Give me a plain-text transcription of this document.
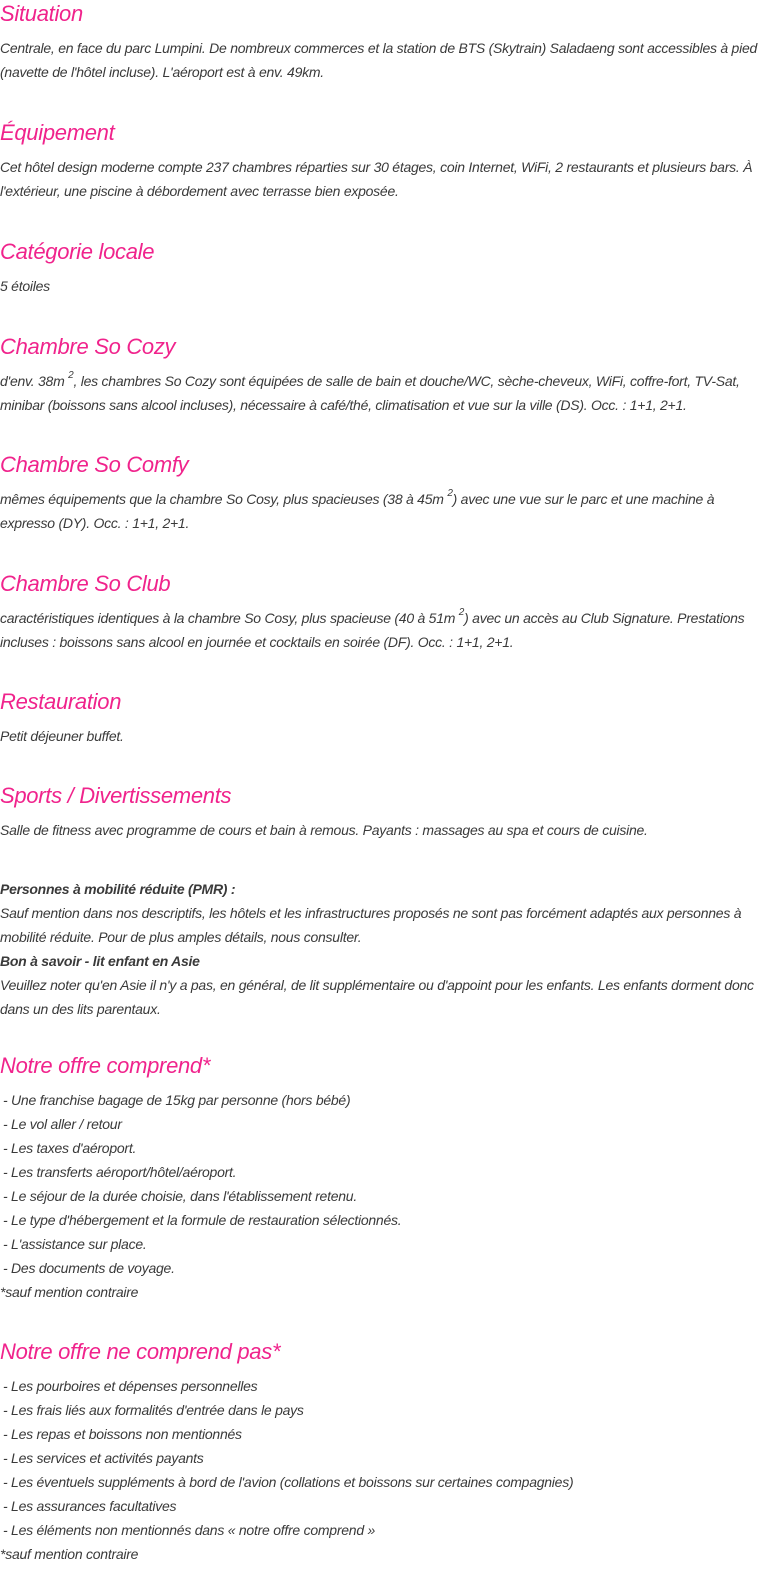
Situation

Centrale, en face du parc Lumpini. De nombreux commerces et la station de BTS (Skytrain) Saladaeng sont accessibles à pied (navette de l'hôtel incluse). L'aéroport est à env. 49km.

Équipement

Cet hôtel design moderne compte 237 chambres réparties sur 30 étages, coin Internet, WiFi, 2 restaurants et plusieurs bars. À l'extérieur, une piscine à débordement avec terrasse bien exposée.

Catégorie locale

5 étoiles

Chambre So Cozy

d'env. 38m $^2$, les chambres So Cozy sont équipées de salle de bain et douche/WC, sèche-cheveux, WiFi, coffre-fort, TV-Sat, minibar (boissons sans alcool incluses), nécessaire à café/thé, climatisation et vue sur la ville (DS). Occ. : 1+1, 2+1.

Chambre So Comfy

mêmes équipements que la chambre So Cosy, plus spacieuses (38 à 45m $^2$) avec une vue sur le parc et une machine à expresso (DY). Occ. : 1+1, 2+1.

Chambre So Club

caractéristiques identiques à la chambre So Cosy, plus spacieuse (40 à 51m $^2$) avec un accès au Club Signature. Prestations incluses : boissons sans alcool en journée et cocktails en soirée (DF). Occ. : 1+1, 2+1.

Restauration

Petit déjeuner buffet.

Sports / Divertissements

Salle de fitness avec programme de cours et bain à remous. Payants : massages au spa et cours de cuisine.

Personnes à mobilité réduite (PMR) :
Sauf mention dans nos descriptifs, les hôtels et les infrastructures proposés ne sont pas forcément adaptés aux personnes à mobilité réduite. Pour de plus amples détails, nous consulter.
Bon à savoir - lit enfant en Asie
Veuillez noter qu'en Asie il n'y a pas, en général, de lit supplémentaire ou d'appoint pour les enfants. Les enfants dorment donc dans un des lits parentaux.
Notre offre comprend*
- Une franchise bagage de 15kg par personne (hors bébé)
- Le vol aller / retour
- Les taxes d'aéroport.
- Les transferts aéroport/hôtel/aéroport.
- Le séjour de la durée choisie, dans l'établissement retenu.
- Le type d'hébergement et la formule de restauration sélectionnés.
- L'assistance sur place.
- Des documents de voyage.
*sauf mention contraire
Notre offre ne comprend pas*
- Les pourboires et dépenses personnelles
- Les frais liés aux formalités d'entrée dans le pays
- Les repas et boissons non mentionnés
- Les services et activités payants
- Les éventuels suppléments à bord de l'avion (collations et boissons sur certaines compagnies)
- Les assurances facultatives
- Les éléments non mentionnés dans « notre offre comprend »
*sauf mention contraire
